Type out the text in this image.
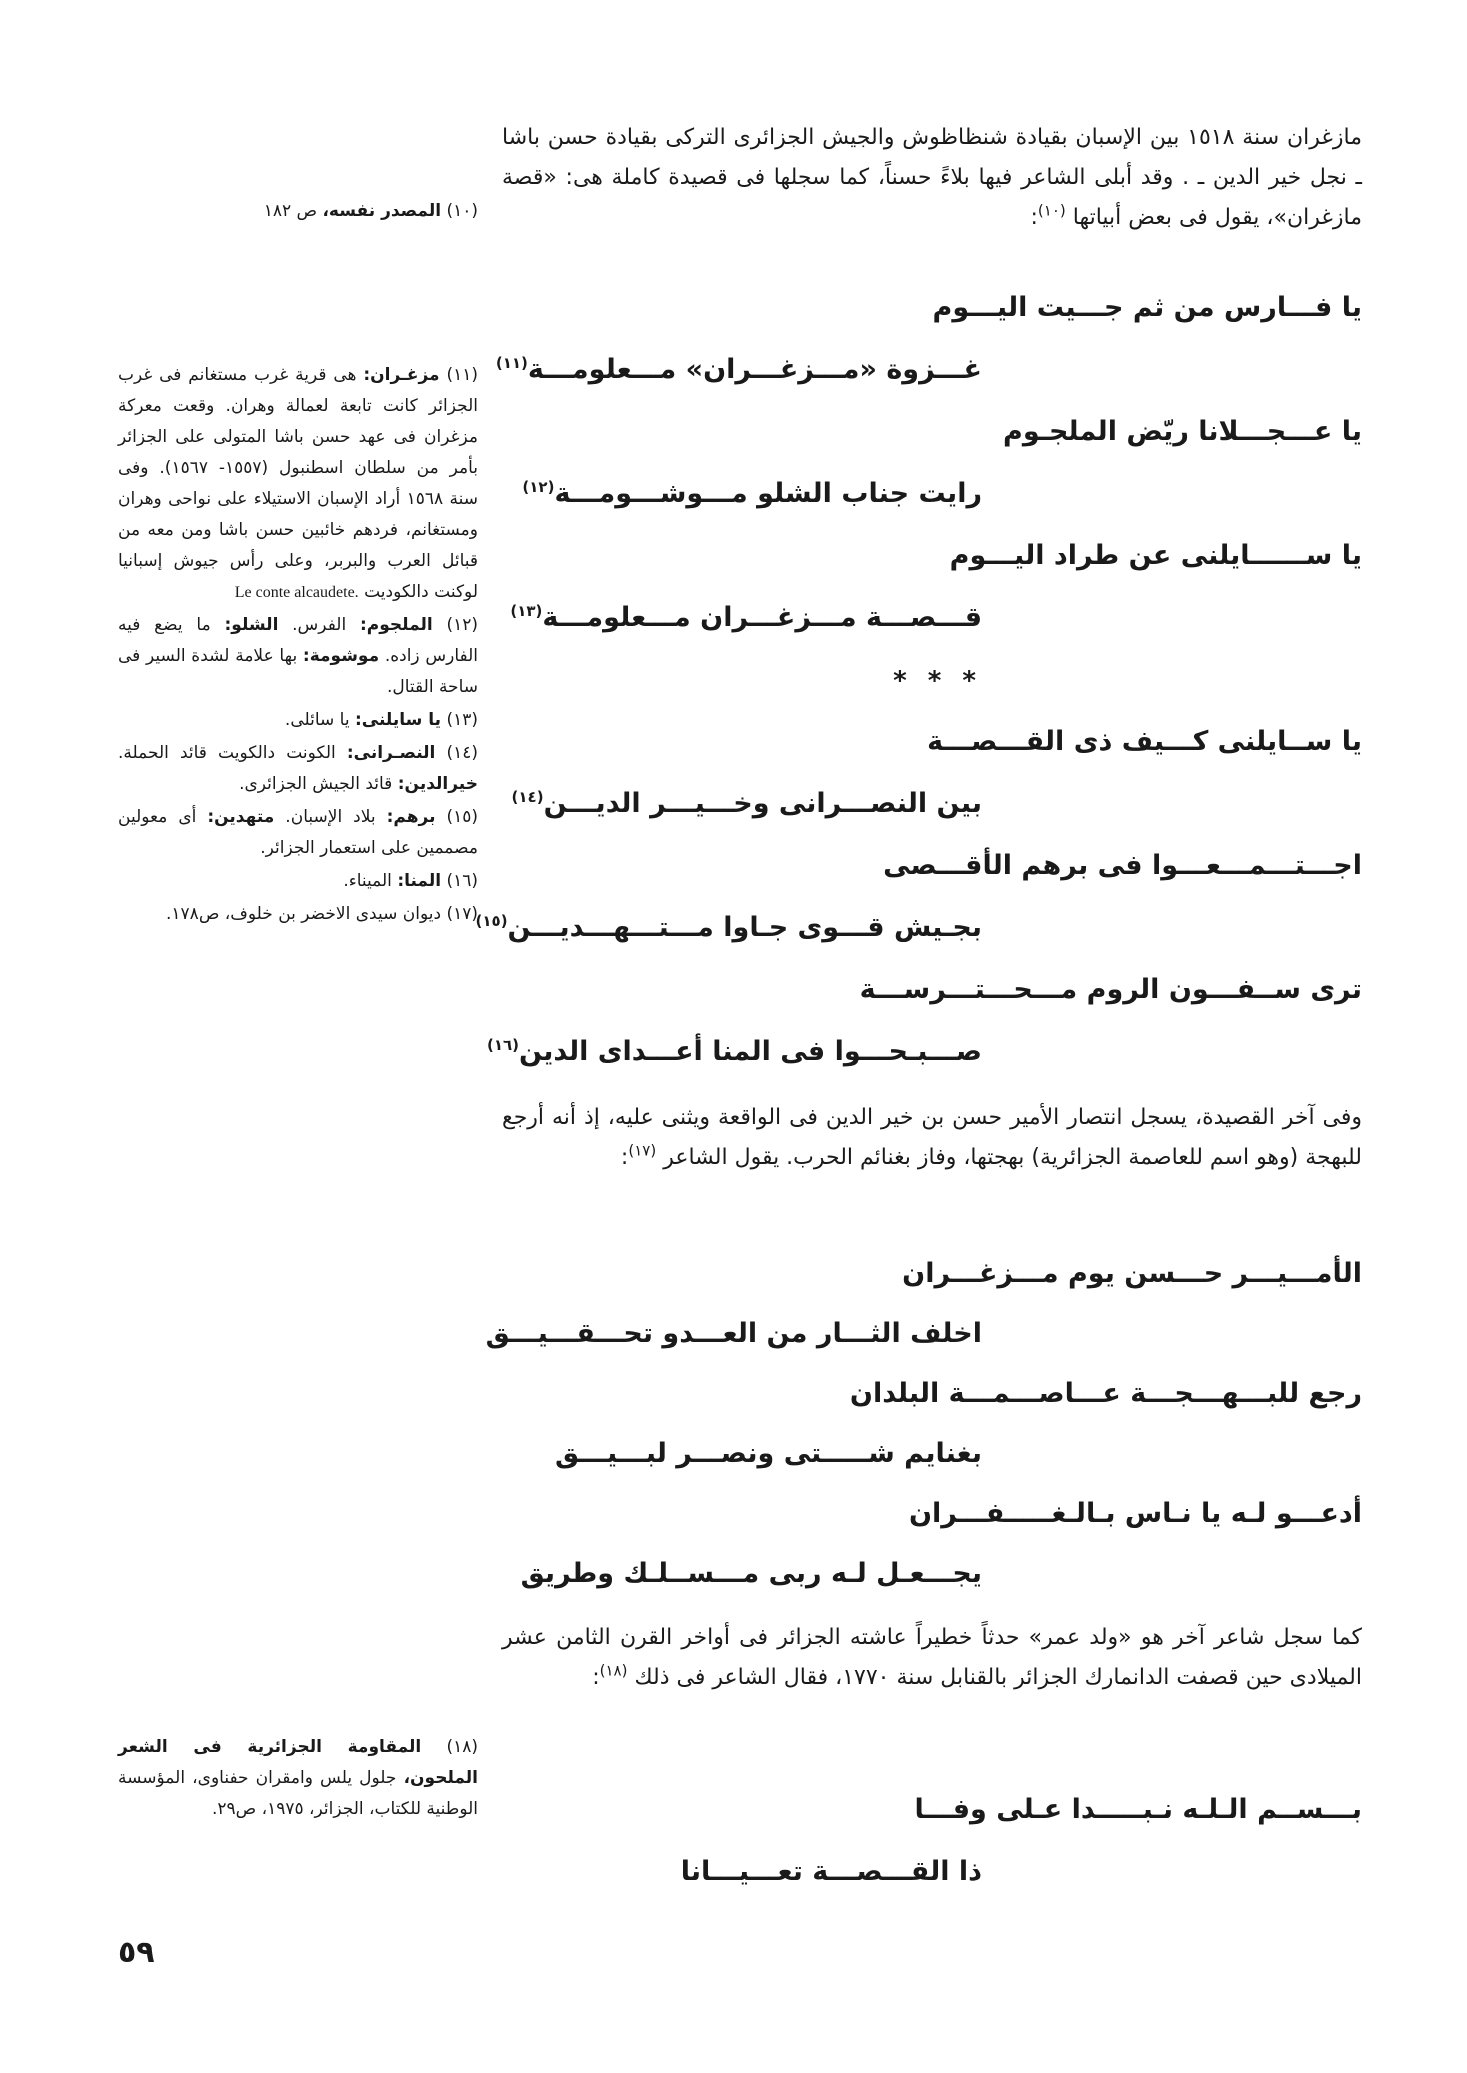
مازغران سنة ١٥١٨ بين الإسبان بقيادة شنظاظوش والجيش الجزائرى التركى بقيادة حسن باشا ـ نجل خير الدين ـ . وقد أبلى الشاعر فيها بلاءً حسناً، كما سجلها فى قصيدة كاملة هى: «قصة مازغران»، يقول فى بعض أبياتها $^{(١٠)}$:

يا فـــارس من ثم جـــيت اليـــوم
غـــزوة «مـــزغـــران» مـــعلومـــة$^{(١١)}$
يا عـــجـــلانا ريّض الملجـوم
رايت جناب الشلو مـــوشـــومـــة$^{(١٢)}$
يا ســــــايلنى عن طراد اليـــوم
قـــصـــة مـــزغـــران مـــعلومـــة$^{(١٣)}$
* * *
يا ســايلنى كـــيف ذى القـــصـــة
بين النصـــرانى وخـــيـــر الديـــن$^{(١٤)}$
اجـــتـــمـــعـــوا فى برهم الأقـــصى
بجـيش قـــوى جـاوا مـــتـــهـــديـــن$^{(١٥)}$
ترى ســفـــون الروم مـــحـــتـــرســـة
صـــبـحـــوا فى المنا أعـــداى الدين$^{(١٦)}$

وفى آخر القصيدة، يسجل انتصار الأمير حسن بن خير الدين فى الواقعة ويثنى عليه، إذ أنه أرجع للبهجة (وهو اسم للعاصمة الجزائرية) بهجتها، وفاز بغنائم الحرب. يقول الشاعر $^{(١٧)}$:

الأمـــيـــر حـــسن يوم مـــزغـــران
اخلف الثـــار من العـــدو تحـــقـــيـــق
رجع للبـــهـــجـــة عـــاصـــمـــة البلدان
بغنايم شـــــتى ونصـــر لبـــيـــق
أدعـــو لـه يا نـاس بـالـغـــــفـــران
يجـــعـل لـه ربى مـــســلـك وطريق

كما سجل شاعر آخر هو «ولد عمر» حدثاً خطيراً عاشته الجزائر فى أواخر القرن الثامن عشر الميلادى حين قصفت الدانمارك الجزائر بالقنابل سنة ١٧٧٠، فقال الشاعر فى ذلك $^{(١٨)}$:

بـــســم الـلـه نـبـــــدا عـلى وفـــا
ذا القـــصـــة تعـــيـــانا

(١٠) المصدر نفسه، ص ١٨٢

(١١) مزغـران: هى قرية غرب مستغانم فى غرب الجزائر كانت تابعة لعمالة وهران. وقعت معركة مزغران فى عهد حسن باشا المتولى على الجزائر بأمر من سلطان اسطنبول (١٥٥٧- ١٥٦٧). وفى سنة ١٥٦٨ أراد الإسبان الاستيلاء على نواحى وهران ومستغانم، فردهم خائبين حسن باشا ومن معه من قبائل العرب والبربر، وعلى رأس جيوش إسبانيا لوكنت دالكوديت Le conte alcaudete.

(١٢) الملجوم: الفرس. الشلو: ما يضع فيه الفارس زاده. موشومة: بها علامة لشدة السير فى ساحة القتال.

(١٣) يا سايلنى: يا سائلى.

(١٤) النصـرانى: الكونت دالكويت قائد الحملة. خيرالدين: قائد الجيش الجزائرى.

(١٥) برهم: بلاد الإسبان. متهدين: أى معولين مصممين على استعمار الجزائر.

(١٦) المنا: الميناء.

(١٧) ديوان سيدى الاخضر بن خلوف، ص١٧٨.

(١٨) المقاومة الجزائرية فى الشعر الملحون، جلول يلس وامقران حفناوى، المؤسسة الوطنية للكتاب، الجزائر، ١٩٧٥، ص٢٩.

٥٩
